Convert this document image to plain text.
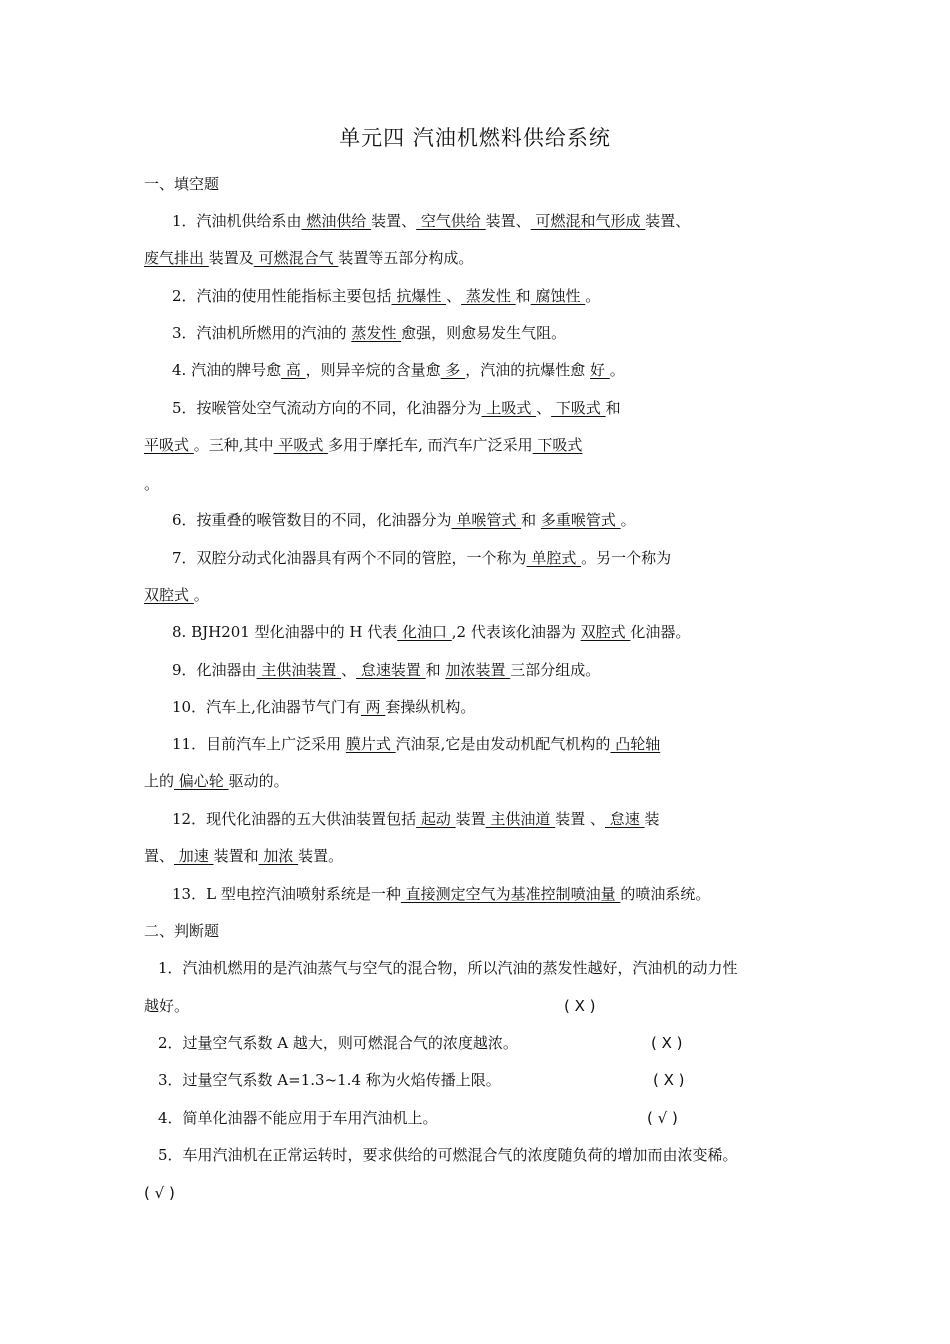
单元四 汽油机燃料供给系统
一、填空题
1．汽油机供给系由 燃油供给 装置、 空气供给 装置、 可燃混和气形成 装置、
废气排出 装置及 可燃混合气 装置等五部分构成。
2．汽油的使用性能指标主要包括 抗爆性 、 蒸发性 和 腐蚀性 。
3．汽油机所燃用的汽油的 蒸发性 愈强，则愈易发生气阻。
4. 汽油的牌号愈 高 ，则异辛烷的含量愈 多 ，汽油的抗爆性愈 好 。
5．按喉管处空气流动方向的不同，化油器分为 上吸式 、 下吸式 和
平吸式 。三种,其中 平吸式 多用于摩托车, 而汽车广泛采用 下吸式
。
6．按重叠的喉管数目的不同，化油器分为 单喉管式 和 多重喉管式 。
7．双腔分动式化油器具有两个不同的管腔，一个称为 单腔式 。另一个称为
双腔式 。
8. BJH201 型化油器中的 H 代表 化油口 ,2 代表该化油器为 双腔式 化油器。
9．化油器由 主供油装置 、 怠速装置 和 加浓装置 三部分组成。
10．汽车上,化油器节气门有 两 套操纵机构。
11．目前汽车上广泛采用 膜片式 汽油泵,它是由发动机配气机构的 凸轮轴
上的 偏心轮 驱动的。
12．现代化油器的五大供油装置包括 起动 装置 主供油道 装置 、 怠速 装
置、 加速 装置和 加浓 装置。
13．L 型电控汽油喷射系统是一种 直接测定空气为基准控制喷油量 的喷油系统。
二、判断题
1．汽油机燃用的是汽油蒸气与空气的混合物，所以汽油的蒸发性越好，汽油机的动力性
越好。	( X )
2．过量空气系数 A 越大，则可燃混合气的浓度越浓。	( X )
3．过量空气系数 A=1.3~1.4 称为火焰传播上限。	( X )
4．简单化油器不能应用于车用汽油机上。	( √ )
5．车用汽油机在正常运转时，要求供给的可燃混合气的浓度随负荷的增加而由浓变稀。
( √ )
